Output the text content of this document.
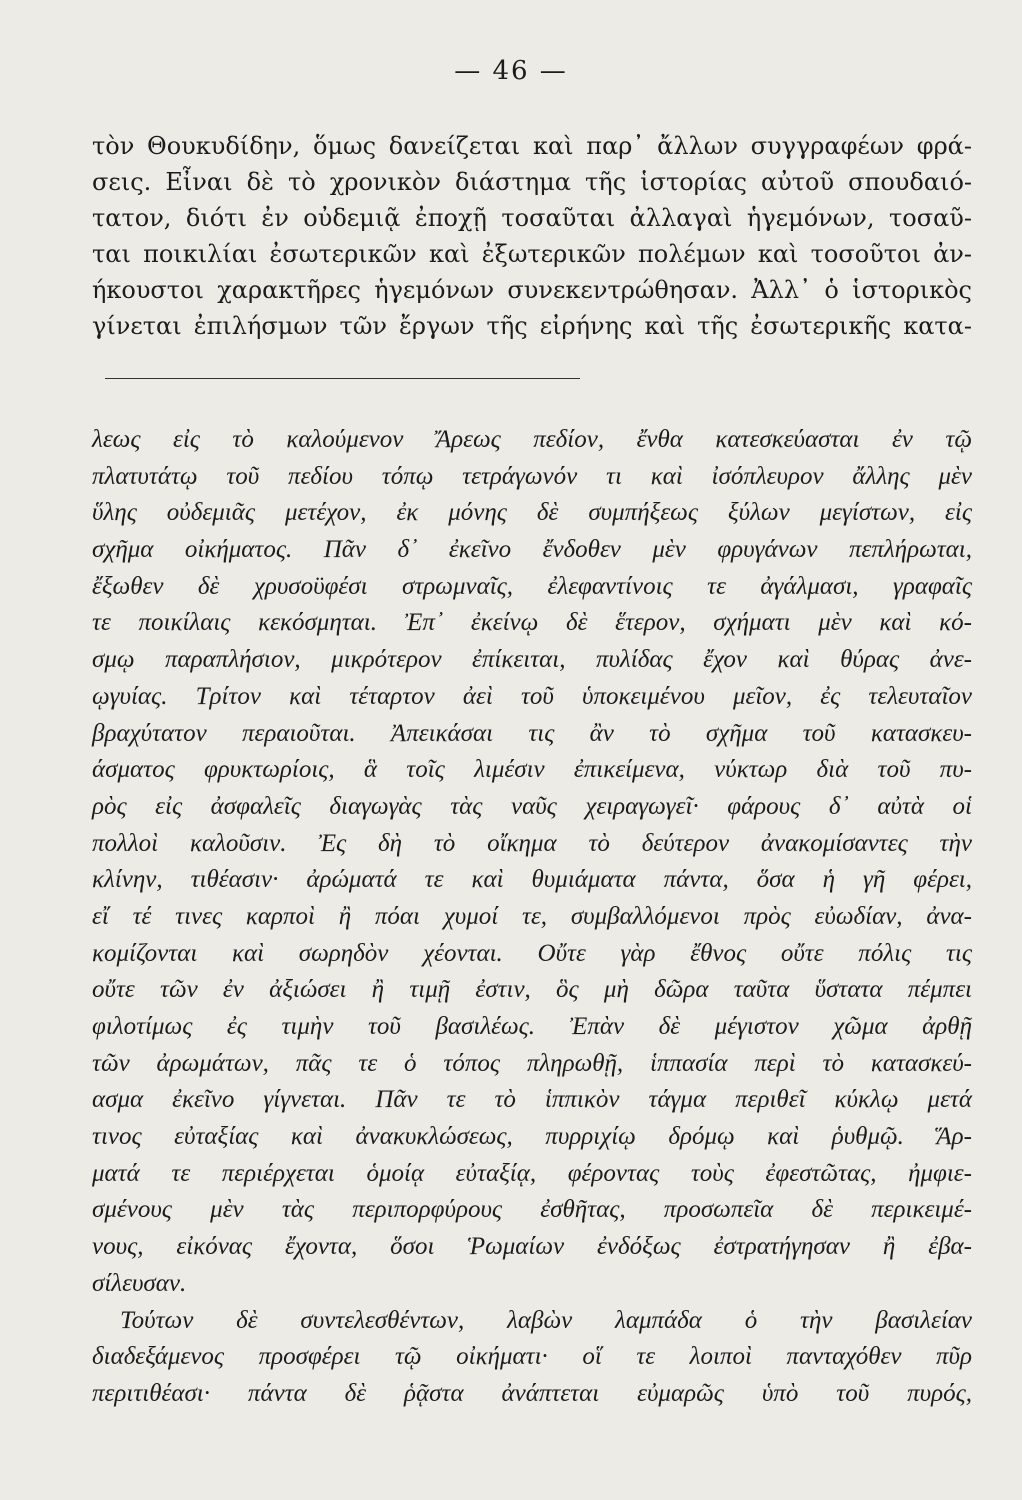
— 46 —
τὸν Θουκυδίδην, ὅμως δανείζεται καὶ παρ᾽ ἄλλων συγγραφέων φρά-
σεις. Εἶναι δὲ τὸ χρονικὸν διάστημα τῆς ἱστορίας αὐτοῦ σπουδαιό-
τατον, διότι ἐν οὐδεμιᾷ ἐποχῇ τοσαῦται ἀλλαγαὶ ἡγεμόνων, τοσαῦ-
ται ποικιλίαι ἐσωτερικῶν καὶ ἐξωτερικῶν πολέμων καὶ τοσοῦτοι ἀν-
ήκουστοι χαρακτῆρες ἡγεμόνων συνεκεντρώθησαν. Ἀλλ᾽ ὁ ἱστορικὸς
γίνεται ἐπιλήσμων τῶν ἔργων τῆς εἰρήνης καὶ τῆς ἐσωτερικῆς κατα-
λεως εἰς τὸ καλούμενον Ἄρεως πεδίον, ἔνθα κατεσκεύασται ἐν τῷ
πλατυτάτῳ τοῦ πεδίου τόπῳ τετράγωνόν τι καὶ ἰσόπλευρον ἄλλης μὲν
ὕλης οὐδεμιᾶς μετέχον, ἐκ μόνης δὲ συμπήξεως ξύλων μεγίστων, εἰς
σχῆμα οἰκήματος. Πᾶν δ᾽ ἐκεῖνο ἔνδοθεν μὲν φρυγάνων πεπλήρωται,
ἔξωθεν δὲ χρυσοϋφέσι στρωμναῖς, ἐλεφαντίνοις τε ἀγάλμασι, γραφαῖς
τε ποικίλαις κεκόσμηται. Ἐπ᾽ ἐκείνῳ δὲ ἕτερον, σχήματι μὲν καὶ κό-
σμῳ παραπλήσιον, μικρότερον ἐπίκειται, πυλίδας ἔχον καὶ θύρας ἀνε-
ῳγυίας. Τρίτον καὶ τέταρτον ἀεὶ τοῦ ὑποκειμένου μεῖον, ἐς τελευταῖον
βραχύτατον περαιοῦται. Ἀπεικάσαι τις ἂν τὸ σχῆμα τοῦ κατασκευ-
άσματος φρυκτωρίοις, ἃ τοῖς λιμέσιν ἐπικείμενα, νύκτωρ διὰ τοῦ πυ-
ρὸς εἰς ἀσφαλεῖς διαγωγὰς τὰς ναῦς χειραγωγεῖ· φάρους δ᾽ αὐτὰ οἱ
πολλοὶ καλοῦσιν. Ἐς δὴ τὸ οἴκημα τὸ δεύτερον ἀνακομίσαντες τὴν
κλίνην, τιθέασιν· ἀρώματά τε καὶ θυμιάματα πάντα, ὅσα ἡ γῆ φέρει,
εἴ τέ τινες καρποὶ ἢ πόαι χυμοί τε, συμβαλλόμενοι πρὸς εὐωδίαν, ἀνα-
κομίζονται καὶ σωρηδὸν χέονται. Οὔτε γὰρ ἔθνος οὔτε πόλις τις
οὔτε τῶν ἐν ἀξιώσει ἢ τιμῇ ἐστιν, ὃς μὴ δῶρα ταῦτα ὕστατα πέμπει
φιλοτίμως ἐς τιμὴν τοῦ βασιλέως. Ἐπὰν δὲ μέγιστον χῶμα ἀρθῇ
τῶν ἀρωμάτων, πᾶς τε ὁ τόπος πληρωθῇ, ἱππασία περὶ τὸ κατασκεύ-
ασμα ἐκεῖνο γίγνεται. Πᾶν τε τὸ ἱππικὸν τάγμα περιθεῖ κύκλῳ μετά
τινος εὐταξίας καὶ ἀνακυκλώσεως, πυρριχίῳ δρόμῳ καὶ ῥυθμῷ. Ἅρ-
ματά τε περιέρχεται ὁμοίᾳ εὐταξίᾳ, φέροντας τοὺς ἐφεστῶτας, ἠμφιε-
σμένους μὲν τὰς περιπορφύρους ἐσθῆτας, προσωπεῖα δὲ περικειμέ-
νους, εἰκόνας ἔχοντα, ὅσοι Ῥωμαίων ἐνδόξως ἐστρατήγησαν ἢ ἐβα-
σίλευσαν.
Τούτων δὲ συντελεσθέντων, λαβὼν λαμπάδα ὁ τὴν βασιλείαν
διαδεξάμενος προσφέρει τῷ οἰκήματι· οἵ τε λοιποὶ πανταχόθεν πῦρ
περιτιθέασι· πάντα δὲ ῥᾷστα ἀνάπτεται εὐμαρῶς ὑπὸ τοῦ πυρός,
